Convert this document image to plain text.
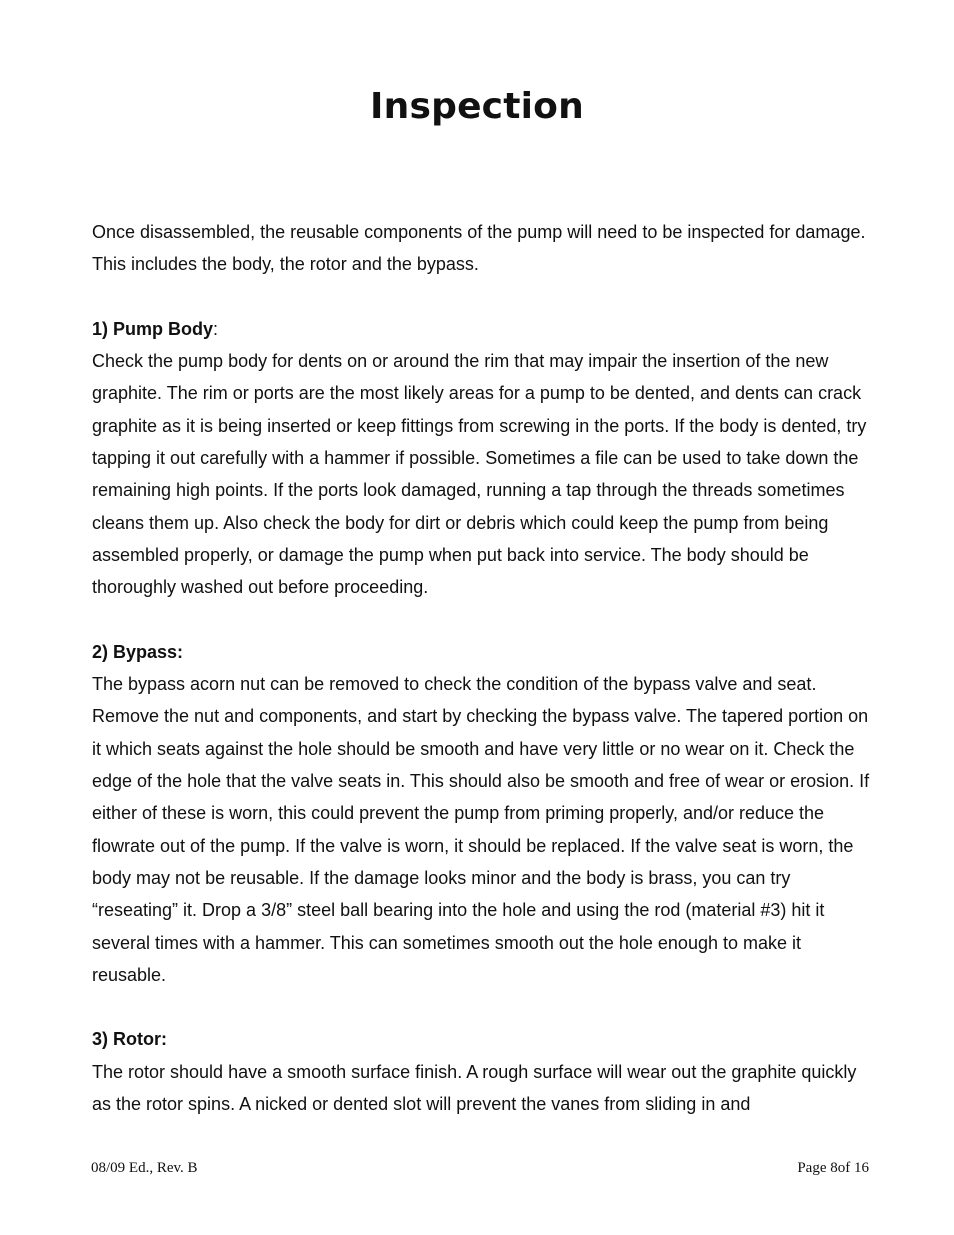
Inspection

Once disassembled, the reusable components of the pump will need to be inspected for damage. This includes the body, the rotor and the bypass.

1) Pump Body:

Check the pump body for dents on or around the rim that may impair the insertion of the new graphite. The rim or ports are the most likely areas for a pump to be dented, and dents can crack graphite as it is being inserted or keep fittings from screwing in the ports. If the body is dented, try tapping it out carefully with a hammer if possible. Sometimes a file can be used to take down the remaining high points. If the ports look damaged, running a tap through the threads sometimes cleans them up. Also check the body for dirt or debris which could keep the pump from being assembled properly, or damage the pump when put back into service. The body should be thoroughly washed out before proceeding.

2) Bypass:

The bypass acorn nut can be removed to check the condition of the bypass valve and seat. Remove the nut and components, and start by checking the bypass valve. The tapered portion on it which seats against the hole should be smooth and have very little or no wear on it. Check the edge of the hole that the valve seats in. This should also be smooth and free of wear or erosion. If either of these is worn, this could prevent the pump from priming properly, and/or reduce the flowrate out of the pump. If the valve is worn, it should be replaced. If the valve seat is worn, the body may not be reusable. If the damage looks minor and the body is brass, you can try “reseating” it. Drop a 3/8” steel ball bearing into the hole and using the rod (material #3) hit it several times with a hammer. This can sometimes smooth out the hole enough to make it reusable.

3) Rotor:

The rotor should have a smooth surface finish. A rough surface will wear out the graphite quickly as the rotor spins. A nicked or dented slot will prevent the vanes from sliding in and

08/09 Ed., Rev. B	Page 8of 16
